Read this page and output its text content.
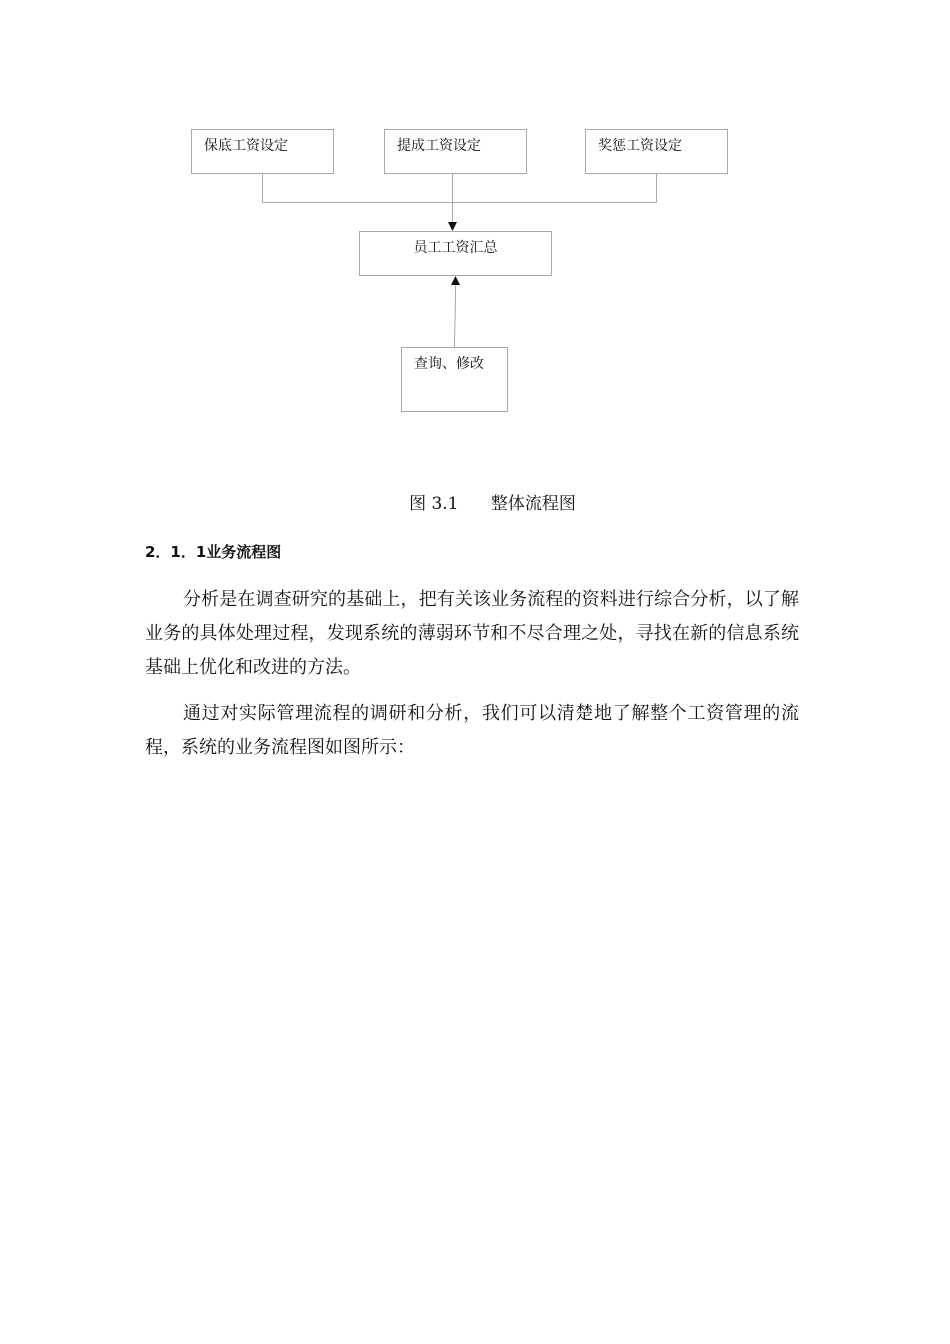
保底工资设定	提成工资设定	奖惩工资设定
员工工资汇总
查询、修改
图 3.1      整体流程图
2．1．1业务流程图

分析是在调查研究的基础上，把有关该业务流程的资料进行综合分析，以了解业务的具体处理过程，发现系统的薄弱环节和不尽合理之处，寻找在新的信息系统基础上优化和改进的方法。

通过对实际管理流程的调研和分析，我们可以清楚地了解整个工资管理的流程，系统的业务流程图如图所示：
